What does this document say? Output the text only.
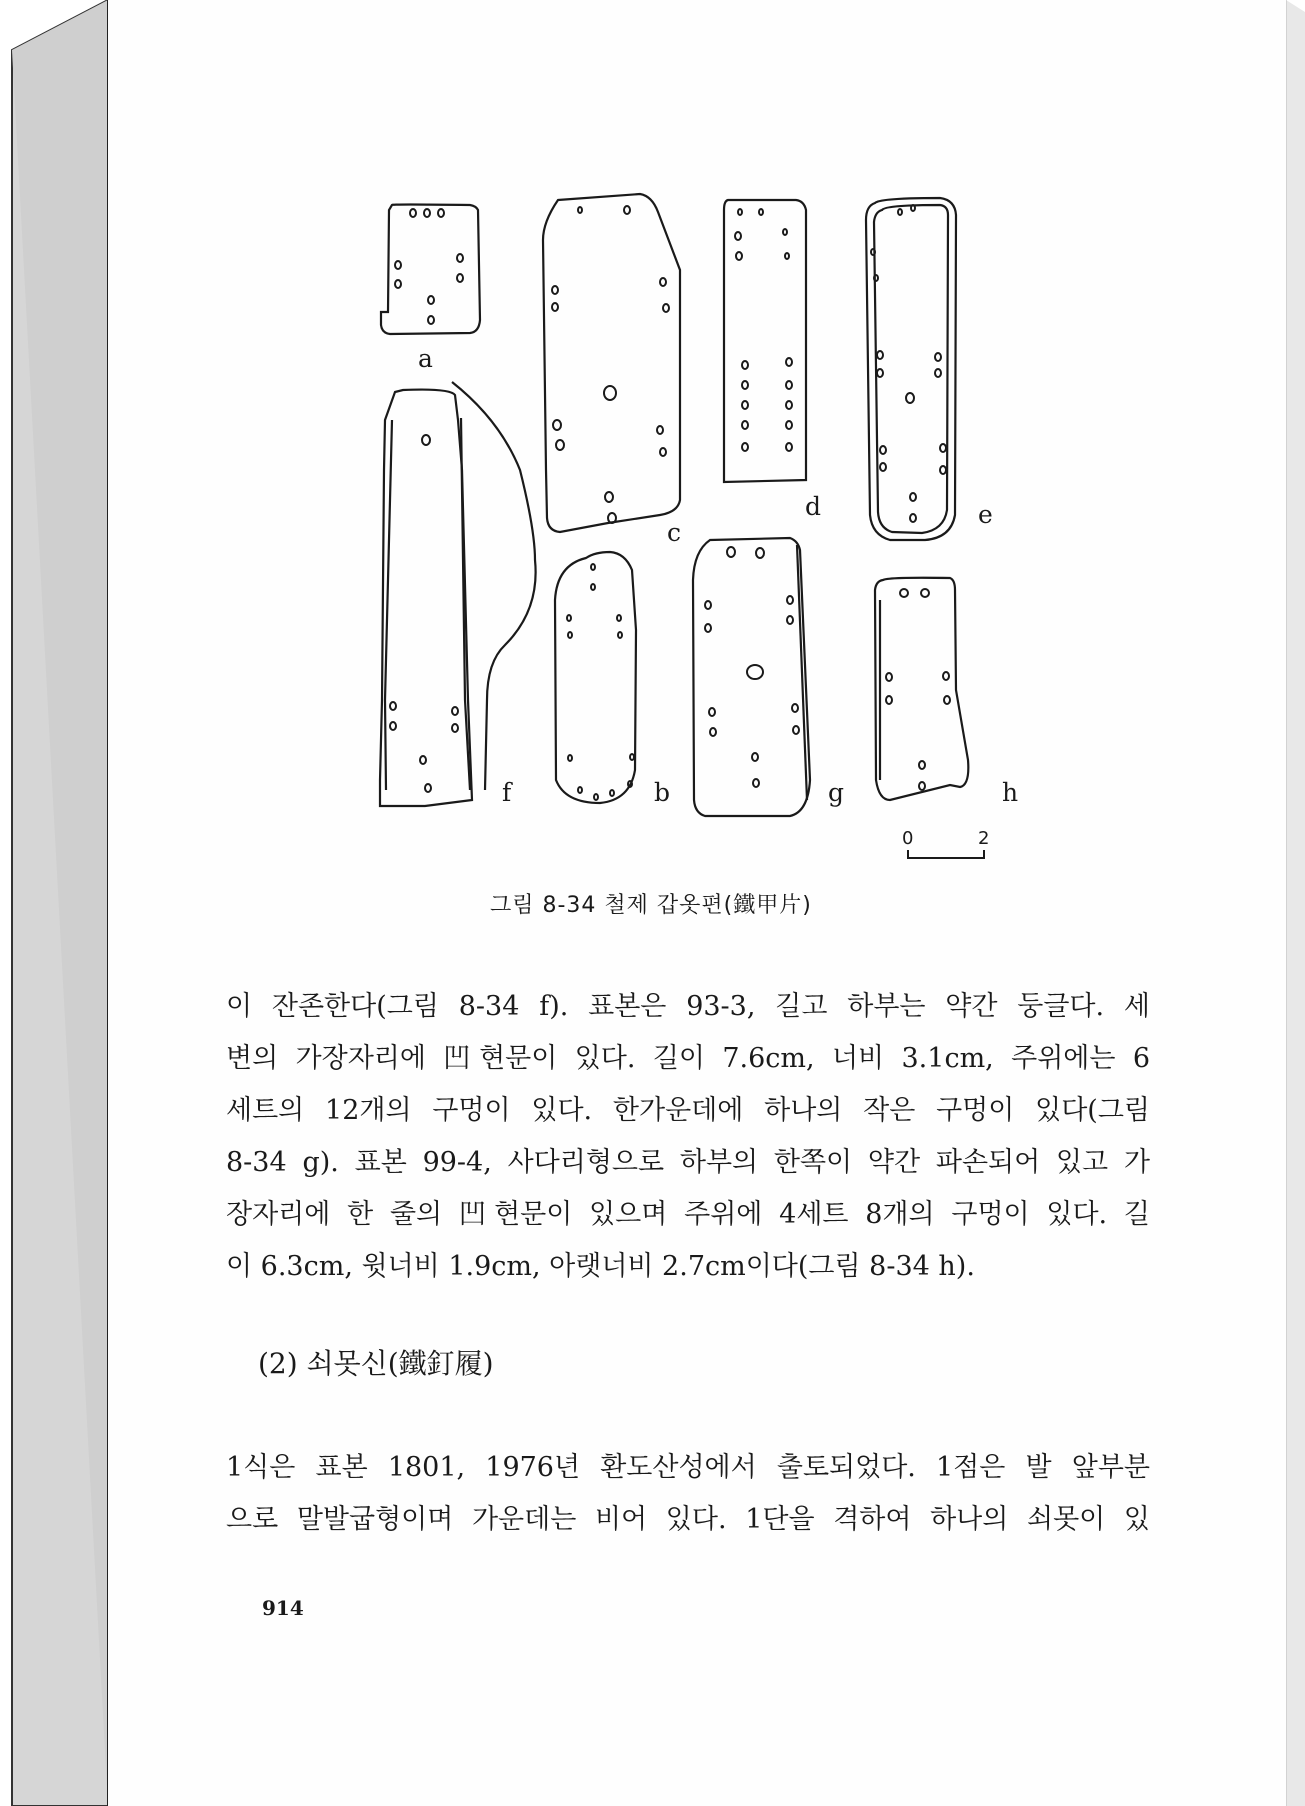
a
b
c
d	e
f	g	h
0	2
그림 8-34 철제 갑옷편(鐵甲片)
이 잔존한다(그림 8-34 f). 표본은 93-3, 길고 하부는 약간 둥글다. 세
변의 가장자리에 凹현문이 있다. 길이 7.6cm, 너비 3.1cm, 주위에는 6
세트의 12개의 구멍이 있다. 한가운데에 하나의 작은 구멍이 있다(그림
8-34 g). 표본 99-4, 사다리형으로 하부의 한쪽이 약간 파손되어 있고 가
장자리에 한 줄의 凹현문이 있으며 주위에 4세트 8개의 구멍이 있다. 길
이 6.3cm, 윗너비 1.9cm, 아랫너비 2.7cm이다(그림 8-34 h).
(2) 쇠못신(鐵釘履)
1식은 표본 1801, 1976년 환도산성에서 출토되었다. 1점은 발 앞부분
으로 말발굽형이며 가운데는 비어 있다. 1단을 격하여 하나의 쇠못이 있
914
